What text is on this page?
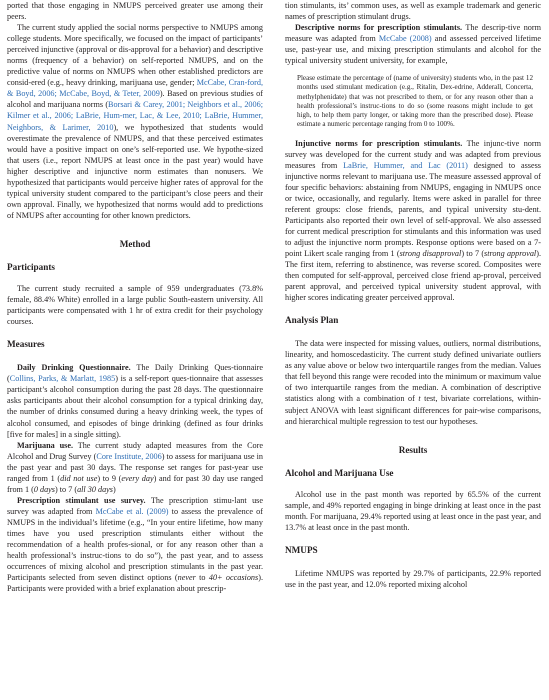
ported that those engaging in NMUPS perceived greater use among their peers.

The current study applied the social norms perspective to NMUPS among college students. More specifically, we focused on the impact of participants’ perceived injunctive (approval or dis-approval for a behavior) and descriptive norms (frequency of a behavior) on self-reported NMUPS, and on the predictive value of norms on NMUPS when other established predictors are consid-ered (e.g., heavy drinking, marijuana use, gender; McCabe, Cran-ford, & Boyd, 2006; McCabe, Boyd, & Teter, 2009). Based on previous studies of alcohol and marijuana norms (Borsari & Carey, 2001; Neighbors et al., 2006; Kilmer et al., 2006; LaBrie, Hum-mer, Lac, & Lee, 2010; LaBrie, Hummer, Neighbors, & Larimer, 2010), we hypothesized that students would overestimate the prevalence of NMUPS, and that these perceived estimates would have a positive impact on one’s self-reported use. We hypothe-sized that users (i.e., report NMUPS at least once in the past year) would have higher descriptive and injunctive norm estimates than nonusers. We hypothesized that participants would perceive higher rates of approval for the typical university student compared to the participant’s close peers and their own approval. Finally, we hypothesized that norms would add to predictions of NMUPS after accounting for other known predictors.

Method
Participants

The current study recruited a sample of 959 undergraduates (73.8% female, 88.4% White) enrolled in a large public South-eastern university. All participants were compensated with 1 hr of extra credit for their psychology courses.

Measures

Daily Drinking Questionnaire. The Daily Drinking Ques-tionnaire (Collins, Parks, & Marlatt, 1985) is a self-report ques-tionnaire that assesses participant’s alcohol consumption during the past 28 days. The questionnaire asks participants about their alcohol consumption for a typical drinking day, the number of drinks consumed during a heavy drinking week, the types of alcohol consumed, and episodes of binge drinking (defined as four drinks [five for males] in a single sitting).

Marijuana use. The current study adapted measures from the Core Alcohol and Drug Survey (Core Institute, 2006) to assess for marijuana use in the past year and past 30 days. The response set ranges for past-year use ranged from 1 (did not use) to 9 (every day) and for past 30 day use ranged from 1 (0 days) to 7 (all 30 days)

Prescription stimulant use survey. The prescription stimu-lant use survey was adapted from McCabe et al. (2009) to assess the prevalence of NMUPS in the individual’s lifetime (e.g., “In your entire lifetime, how many times have you used prescription stimulants either without the recommendation of a health profes-sional, or for any reason other than a health professional’s instruc-tions to do so”), the past year, and to assess occurrences of mixing alcohol and prescription stimulants in the past year. Participants selected from seven distinct options (never to 40+ occasions). Participants were provided with a brief explanation about prescrip-

tion stimulants, its’ common uses, as well as example trademark and generic names of prescription stimulant drugs.

Descriptive norms for prescription stimulants. The descrip-tive norm measure was adapted from McCabe (2008) and assessed perceived lifetime use, past-year use, and mixing prescription stimulants and alcohol for the typical university student university, for example,

Please estimate the percentage of (name of university) students who, in the past 12 months used stimulant medication (e.g., Ritalin, Dex-edrine, Adderall, Concerta, methylphenidate) that was not prescribed to them, or for any reason other than a health professional’s instruc-tions to do so (some reasons might include to get high, to help them party longer, or taking more than the prescribed dose). Please estimate a numeric percentage ranging from 0 to 100%.

Injunctive norms for prescription stimulants. The injunc-tive norm survey was developed for the current study and was adapted from previous measures from LaBrie, Hummer, and Lac (2011) designed to assess injunctive norms relevant to marijuana use. The measure assessed approval of four specific behaviors: abstaining from NMUPS, engaging in NMUPS once or twice, occasionally, and regularly. Items were asked in parallel for three referent groups: close friends, parents, and typical university stu-dent. Participants also reported their own level of self-approval. We also assessed for current medical prescription for stimulants and this information was used to adjust the injunctive norm prompts. Response options were based on a 7-point Likert scale ranging from 1 (strong disapproval) to 7 (strong approval). The first item, referring to abstinence, was reverse scored. Composites were then computed for self-approval, perceived close friend ap-proval, perceived parent approval, and perceived typical university student approval, with higher scores indicating greater perceived approval.

Analysis Plan

The data were inspected for missing values, outliers, normal distributions, linearity, and homoscedasticity. The current study defined univariate outliers as any value above or below two interquartile ranges from the median. Values that fell beyond this range were recoded into the minimum or maximum value of two interquartile ranges from the median. A combination of descriptive statistics along with a combination of t test, bivariate correlations, within-subject ANOVA with least significant differences for pair-wise comparisons, and hierarchical multiple regression to test our hypotheses.

Results
Alcohol and Marijuana Use

Alcohol use in the past month was reported by 65.5% of the current sample, and 49% reported engaging in binge drinking at least once in the past month. For marijuana, 29.4% reported using at least once in the past year, and 13.7% at least once in the past month.

NMUPS

Lifetime NMUPS was reported by 29.7% of participants, 22.9% reported use in the past year, and 12.0% reported mixing alcohol
